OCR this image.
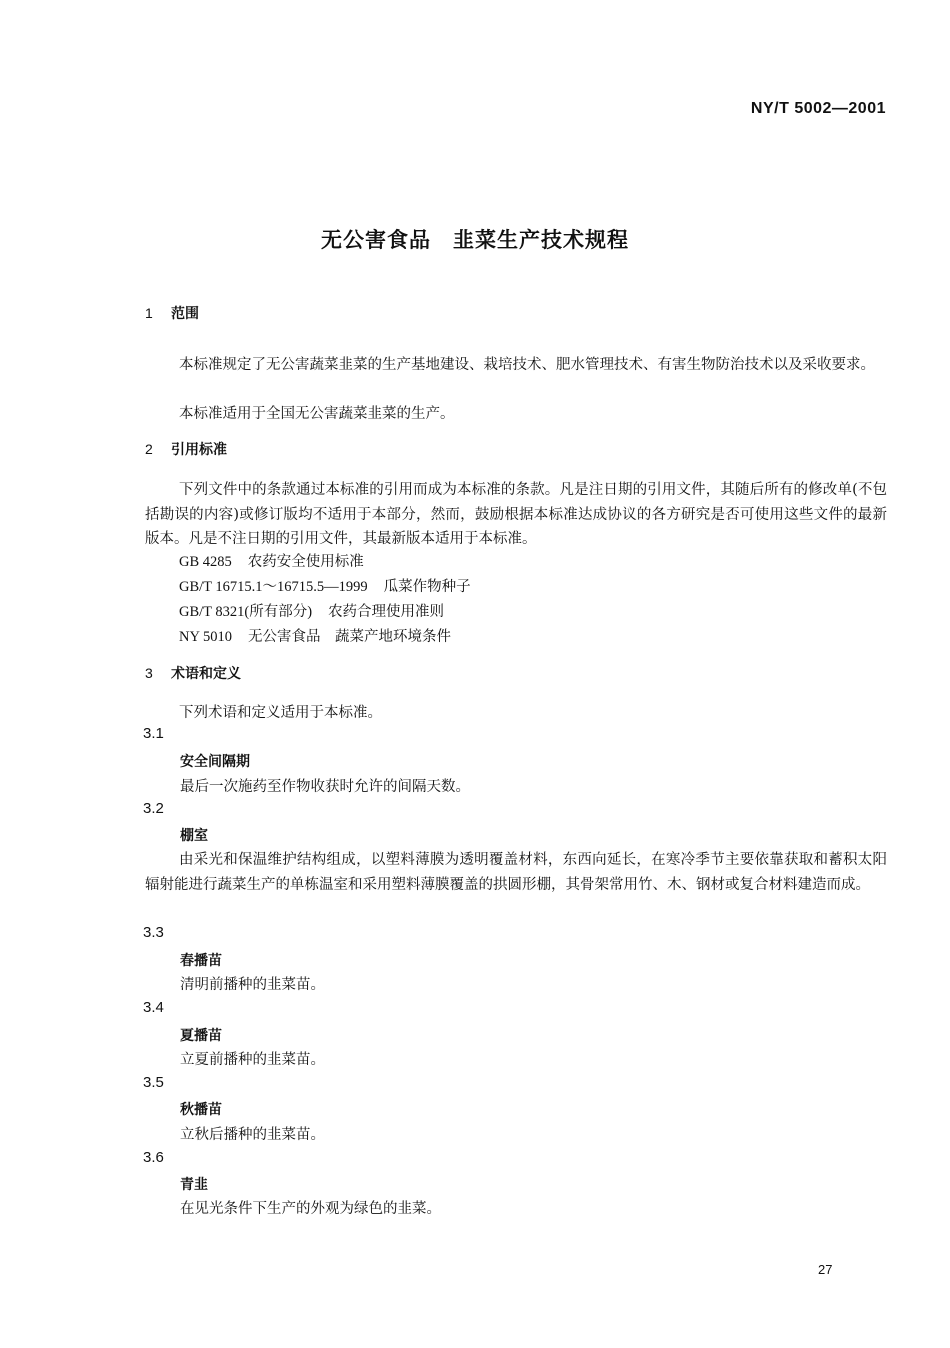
NY/T 5002—2001
无公害食品　韭菜生产技术规程
1 范围
本标准规定了无公害蔬菜韭菜的生产基地建设、栽培技术、肥水管理技术、有害生物防治技术以及采收要求。
本标准适用于全国无公害蔬菜韭菜的生产。
2 引用标准
下列文件中的条款通过本标准的引用而成为本标准的条款。凡是注日期的引用文件，其随后所有的修改单(不包括勘误的内容)或修订版均不适用于本部分，然而，鼓励根据本标准达成协议的各方研究是否可使用这些文件的最新版本。凡是不注日期的引用文件，其最新版本适用于本标准。
GB 4285 农药安全使用标准
GB/T 16715.1～16715.5—1999 瓜菜作物种子
GB/T 8321(所有部分) 农药合理使用准则
NY 5010 无公害食品　蔬菜产地环境条件
3 术语和定义
下列术语和定义适用于本标准。
3.1
安全间隔期
最后一次施药至作物收获时允许的间隔天数。
3.2
棚室
由采光和保温维护结构组成，以塑料薄膜为透明覆盖材料，东西向延长，在寒冷季节主要依靠获取和蓄积太阳辐射能进行蔬菜生产的单栋温室和采用塑料薄膜覆盖的拱圆形棚，其骨架常用竹、木、钢材或复合材料建造而成。
3.3
春播苗
清明前播种的韭菜苗。
3.4
夏播苗
立夏前播种的韭菜苗。
3.5
秋播苗
立秋后播种的韭菜苗。
3.6
青韭
在见光条件下生产的外观为绿色的韭菜。
27
